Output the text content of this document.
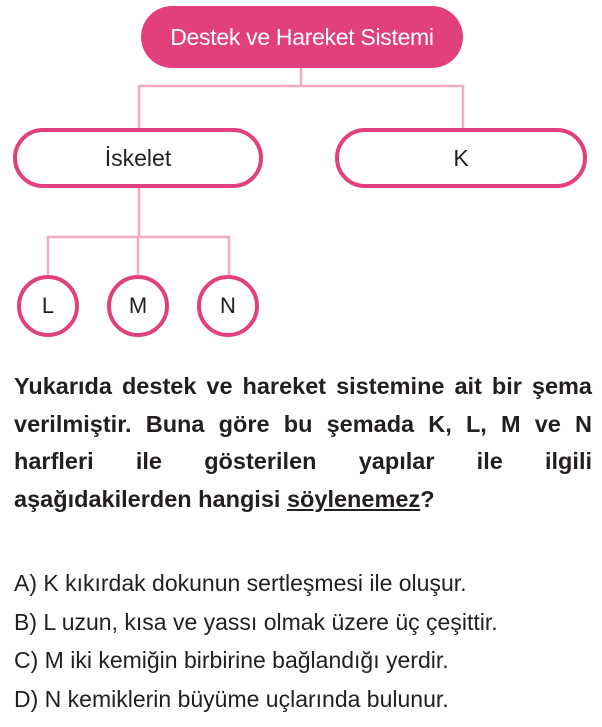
Destek ve Hareket Sistemi
İskelet	K
L	M	N
Yukarıda destek ve hareket sistemine ait bir şema verilmiştir. Buna göre bu şemada K, L, M ve N harfleri ile gösterilen yapılar ile ilgili aşağıdakilerden hangisi söylenemez?
A) K kıkırdak dokunun sertleşmesi ile oluşur.
B) L uzun, kısa ve yassı olmak üzere üç çeşittir.
C) M iki kemiğin birbirine bağlandığı yerdir.
D) N kemiklerin büyüme uçlarında bulunur.
